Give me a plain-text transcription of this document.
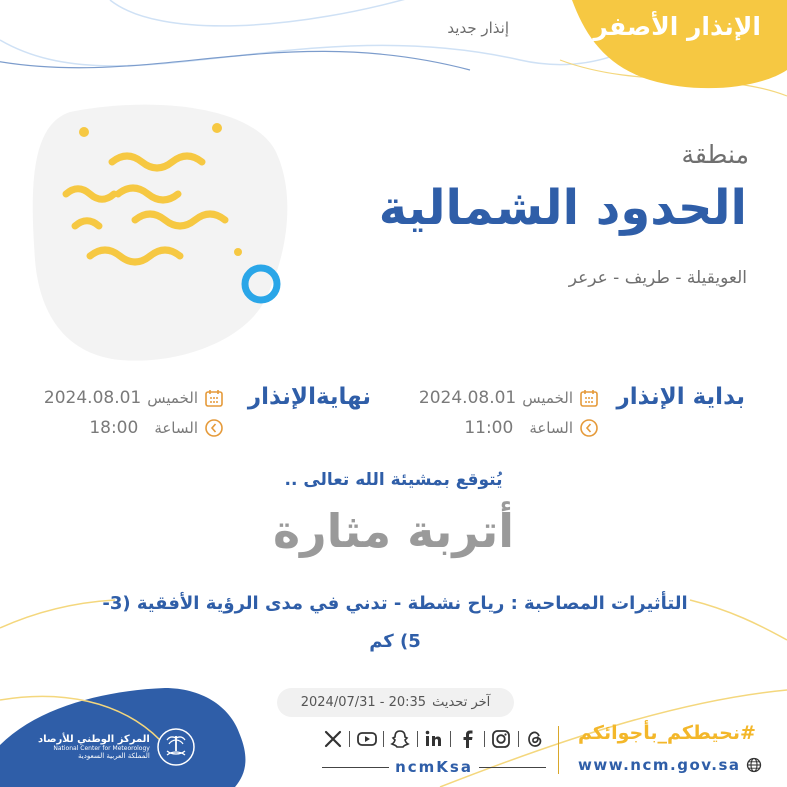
الإنذار الأصفر
إنذار جديد
منطقة
الحدود الشمالية
العويقيلة - طريف - عرعر
بداية الإنذار
الخميس
2024.08.01
الساعة
11:00
نهايةالإنذار
الخميس
2024.08.01
الساعة
18:00
يُتوقع بمشيئة الله تعالى ..
أتربة مثارة
التأثيرات المصاحبة : رياح نشطة - تدني في مدى الرؤية الأفقية (3-5) كم
آخر تحديث
2024/07/31 - 20:35
ncmKsa
#نحيطكم_بأجوائكم
www.ncm.gov.sa
المركز الوطني للأرصاد
National Center for Meteorology
المملكة العربية السعودية
